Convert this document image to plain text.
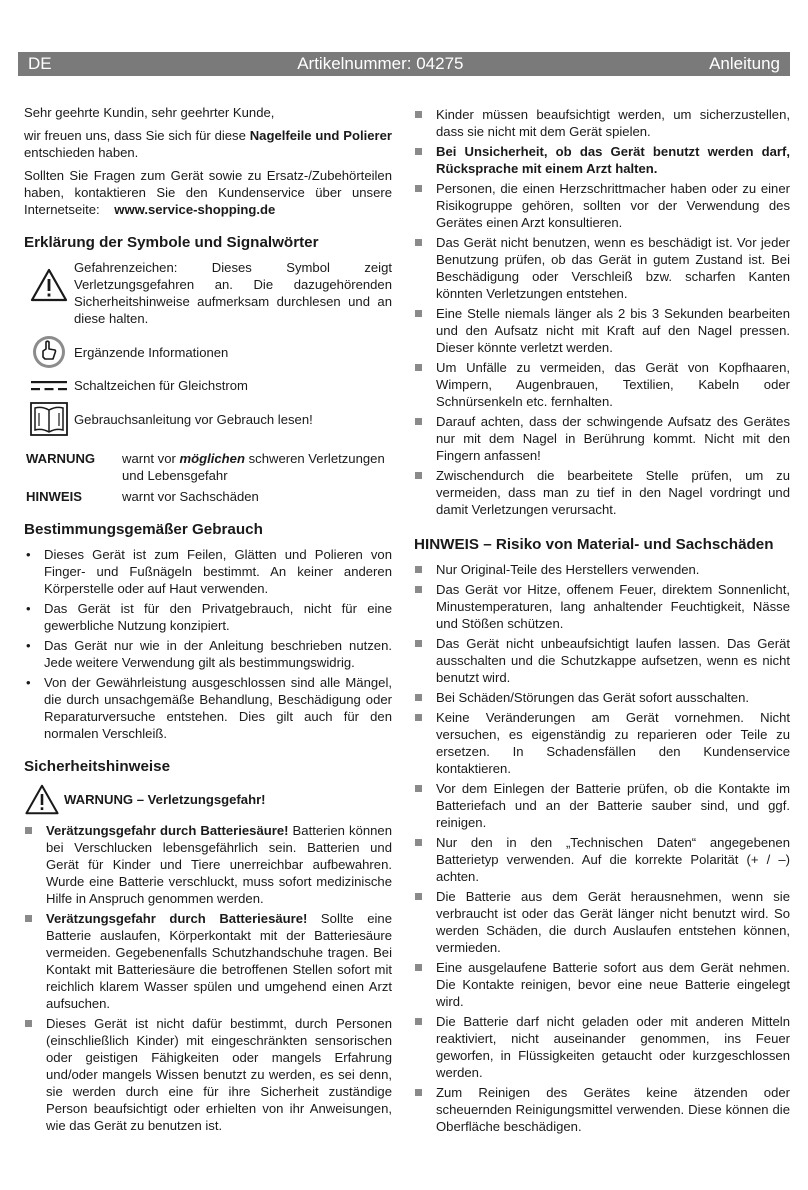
DE	Artikelnummer: 04275	Anleitung

Sehr geehrte Kundin, sehr geehrter Kunde,

wir freuen uns, dass Sie sich für diese Nagelfeile und Polierer entschieden haben.

Sollten Sie Fragen zum Gerät sowie zu Ersatz-/Zubehörteilen haben, kontaktieren Sie den Kundenservice über unsere Internetseite: www.service-shopping.de

Erklärung der Symbole und Signalwörter
Gefahrenzeichen: Dieses Symbol zeigt Verletzungsgefahren an. Die dazugehörenden Sicherheitshinweise aufmerksam durchlesen und an diese halten.
Ergänzende Informationen
Schaltzeichen für Gleichstrom
Gebrauchsanleitung vor Gebrauch lesen!
WARNUNG	warnt vor möglichen schweren Verletzungen und Lebensgefahr
HINWEIS	warnt vor Sachschäden
Bestimmungsgemäßer Gebrauch
• Dieses Gerät ist zum Feilen, Glätten und Polieren von Finger- und Fußnägeln bestimmt. An keiner anderen Körperstelle oder auf Haut verwenden.
• Das Gerät ist für den Privatgebrauch, nicht für eine gewerbliche Nutzung konzipiert.
• Das Gerät nur wie in der Anleitung beschrieben nutzen. Jede weitere Verwendung gilt als bestimmungswidrig.
• Von der Gewährleistung ausgeschlossen sind alle Mängel, die durch unsachgemäße Behandlung, Beschädigung oder Reparaturversuche entstehen. Dies gilt auch für den normalen Verschleiß.
Sicherheitshinweise
WARNUNG – Verletzungsgefahr!
Verätzungsgefahr durch Batteriesäure! Batterien können bei Verschlucken lebensgefährlich sein. Batterien und Gerät für Kinder und Tiere unerreichbar aufbewahren. Wurde eine Batterie verschluckt, muss sofort medizinische Hilfe in Anspruch genommen werden.
Verätzungsgefahr durch Batteriesäure! Sollte eine Batterie auslaufen, Körperkontakt mit der Batteriesäure vermeiden. Gegebenenfalls Schutzhandschuhe tragen. Bei Kontakt mit Batteriesäure die betroffenen Stellen sofort mit reichlich klarem Wasser spülen und umgehend einen Arzt aufsuchen.
Dieses Gerät ist nicht dafür bestimmt, durch Personen (einschließlich Kinder) mit eingeschränkten sensorischen oder geistigen Fähigkeiten oder mangels Erfahrung und/oder mangels Wissen benutzt zu werden, es sei denn, sie werden durch eine für ihre Sicherheit zuständige Person beaufsichtigt oder erhielten von ihr Anweisungen, wie das Gerät zu benutzen ist.
Kinder müssen beaufsichtigt werden, um sicherzustellen, dass sie nicht mit dem Gerät spielen.
Bei Unsicherheit, ob das Gerät benutzt werden darf, Rücksprache mit einem Arzt halten.
Personen, die einen Herzschrittmacher haben oder zu einer Risikogruppe gehören, sollten vor der Verwendung des Gerätes einen Arzt konsultieren.
Das Gerät nicht benutzen, wenn es beschädigt ist. Vor jeder Benutzung prüfen, ob das Gerät in gutem Zustand ist. Bei Beschädigung oder Verschleiß bzw. scharfen Kanten könnten Verletzungen entstehen.
Eine Stelle niemals länger als 2 bis 3 Sekunden bearbeiten und den Aufsatz nicht mit Kraft auf den Nagel pressen. Dieser könnte verletzt werden.
Um Unfälle zu vermeiden, das Gerät von Kopfhaaren, Wimpern, Augenbrauen, Textilien, Kabeln oder Schnürsenkeln etc. fernhalten.
Darauf achten, dass der schwingende Aufsatz des Gerätes nur mit dem Nagel in Berührung kommt. Nicht mit den Fingern anfassen!
Zwischendurch die bearbeitete Stelle prüfen, um zu vermeiden, dass man zu tief in den Nagel vordringt und damit Verletzungen verursacht.
HINWEIS – Risiko von Material- und Sachschäden
Nur Original-Teile des Herstellers verwenden.
Das Gerät vor Hitze, offenem Feuer, direktem Sonnenlicht, Minustemperaturen, lang anhaltender Feuchtigkeit, Nässe und Stößen schützen.
Das Gerät nicht unbeaufsichtigt laufen lassen. Das Gerät ausschalten und die Schutzkappe aufsetzen, wenn es nicht benutzt wird.
Bei Schäden/Störungen das Gerät sofort ausschalten.
Keine Veränderungen am Gerät vornehmen. Nicht versuchen, es eigenständig zu reparieren oder Teile zu ersetzen. In Schadensfällen den Kundenservice kontaktieren.
Vor dem Einlegen der Batterie prüfen, ob die Kontakte im Batteriefach und an der Batterie sauber sind, und ggf. reinigen.
Nur den in den „Technischen Daten“ angegebenen Batterietyp verwenden. Auf die korrekte Polarität (+ / –) achten.
Die Batterie aus dem Gerät herausnehmen, wenn sie verbraucht ist oder das Gerät länger nicht benutzt wird. So werden Schäden, die durch Auslaufen entstehen können, vermieden.
Eine ausgelaufene Batterie sofort aus dem Gerät nehmen. Die Kontakte reinigen, bevor eine neue Batterie eingelegt wird.
Die Batterie darf nicht geladen oder mit anderen Mitteln reaktiviert, nicht auseinander genommen, ins Feuer geworfen, in Flüssigkeiten getaucht oder kurzgeschlossen werden.
Zum Reinigen des Gerätes keine ätzenden oder scheuernden Reinigungsmittel verwenden. Diese können die Oberfläche beschädigen.
